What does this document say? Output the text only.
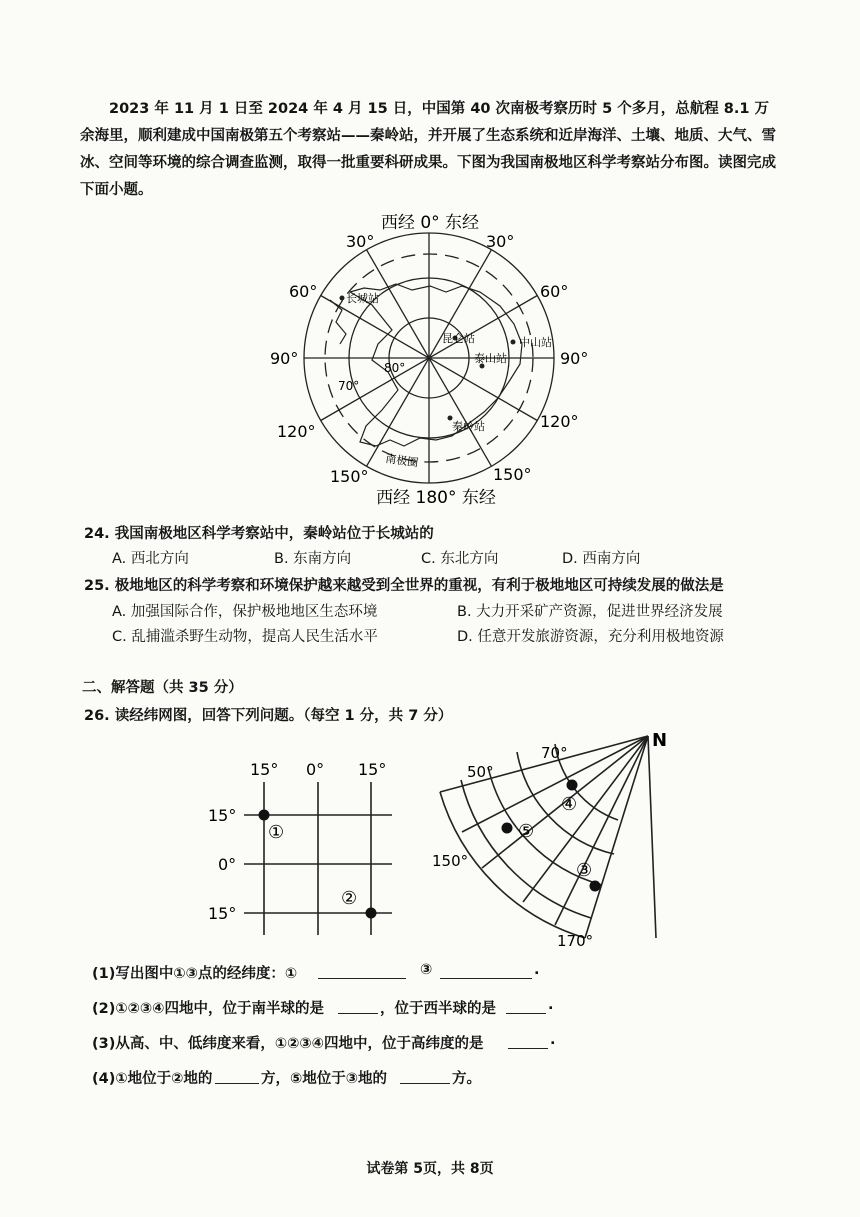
2023 年 11 月 1 日至 2024 年 4 月 15 日，中国第 40 次南极考察历时 5 个多月，总航程 8.1 万余海里，顺利建成中国南极第五个考察站——秦岭站，并开展了生态系统和近岸海洋、土壤、地质、大气、雪冰、空间等环境的综合调查监测，取得一批重要科研成果。下图为我国南极地区科学考察站分布图。读图完成下面小题。

长城站
昆仑站	中山站
泰山站
秦岭站
南极圈
80°
70°
西经 0° 东经
西经 180° 东经
30°	30°
60°	60°
90°	90°
120°
120°
150°	150°
24. 我国南极地区科学考察站中，秦岭站位于长城站的
A. 西北方向	B. 东南方向	C. 东北方向	D. 西南方向
25. 极地地区的科学考察和环境保护越来越受到全世界的重视，有利于极地地区可持续发展的做法是
A. 加强国际合作，保护极地地区生态环境	B. 大力开采矿产资源，促进世界经济发展
C. 乱捕滥杀野生动物，提高人民生活水平	D. 任意开发旅游资源，充分利用极地资源
二、解答题（共 35 分）
26. 读经纬网图，回答下列问题。（每空 1 分，共 7 分）
15° 0° 15°
15°
0°
15°
①
②
N
70°
50°
150°
170°
④
⑤
③
(1)写出图中①③点的经纬度：①	③	.
(2)①②③④四地中，位于南半球的是	，位于西半球的是	.
(3)从高、中、低纬度来看，①②③④四地中，位于高纬度的是	.
(4)①地位于②地的	方，⑤地位于③地的	方。
试卷第 5页，共 8页
